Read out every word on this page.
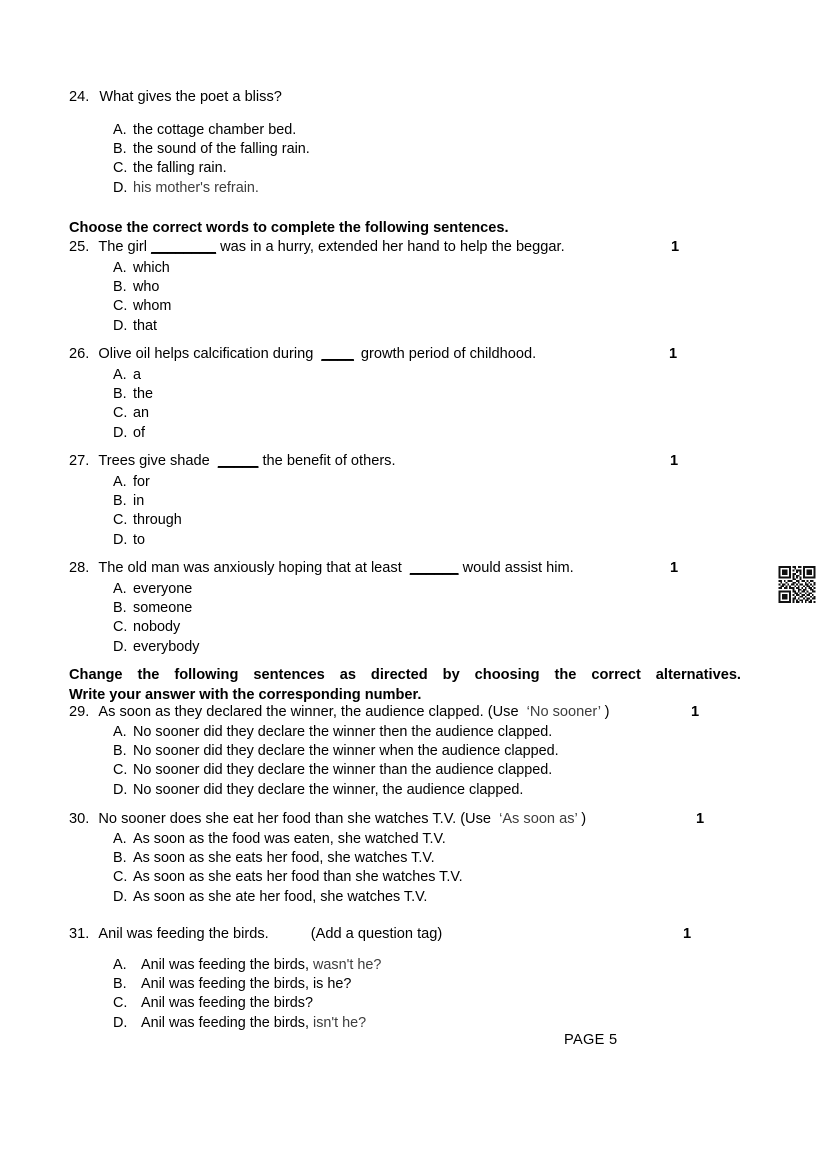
24. What gives the poet a bliss?
A. the cottage chamber bed.
B. the sound of the falling rain.
C. the falling rain.
D. his mother's refrain.
Choose the correct words to complete the following sentences.
25. The girl ________ was in a hurry, extended her hand to help the beggar.
A. which
B. who
C. whom
D. that
1
26. Olive oil helps calcification during ____ growth period of childhood.
A. a
B. the
C. an
D. of
1
27. Trees give shade _____ the benefit of others.
A. for
B. in
C. through
D. to
1
28. The old man was anxiously hoping that at least ______ would assist him.
A. everyone
B. someone
C. nobody
D. everybody
1
Change the following sentences as directed by choosing the correct alternatives.
Write your answer with the corresponding number.
29. As soon as they declared the winner, the audience clapped. (Use ‘No sooner’ )
A. No sooner did they declare the winner then the audience clapped.
B. No sooner did they declare the winner when the audience clapped.
C. No sooner did they declare the winner than the audience clapped.
D. No sooner did they declare the winner, the audience clapped.
1
30. No sooner does she eat her food than she watches T.V. (Use ‘As soon as’ )
A. As soon as the food was eaten, she watched T.V.
B. As soon as she eats her food, she watches T.V.
C. As soon as she eats her food than she watches T.V.
D. As soon as she ate her food, she watches T.V.
1
31. Anil was feeding the birds.	(Add a question tag)
A. Anil was feeding the birds, wasn't he?
B. Anil was feeding the birds, is he?
C. Anil was feeding the birds?
D. Anil was feeding the birds, isn't he?
1
PAGE 5
